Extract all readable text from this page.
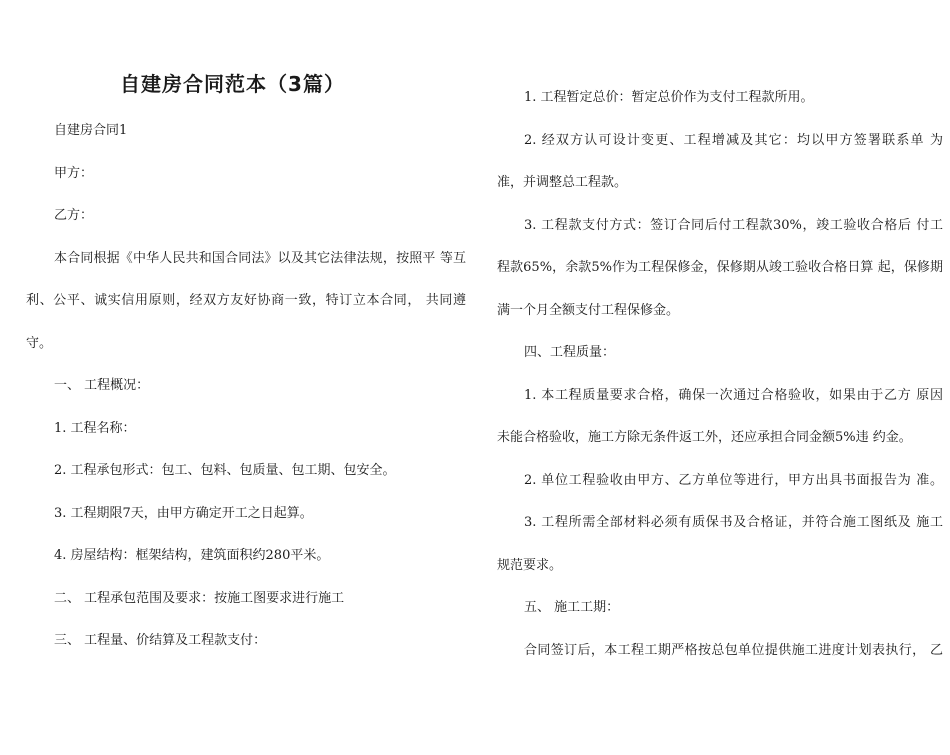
自建房合同范本（3篇）
自建房合同1
甲方：
乙方：
本合同根据《中华人民共和国合同法》以及其它法律法规，按照平 等互
利、公平、诚实信用原则，经双方友好协商一致，特订立本合同， 共同遵
守。
一、 工程概况：
1. 工程名称：
2. 工程承包形式：包工、包料、包质量、包工期、包安全。
3. 工程期限7天，由甲方确定开工之日起算。
4. 房屋结构：框架结构，建筑面积约280平米。
二、 工程承包范围及要求：按施工图要求进行施工
三、 工程量、价结算及工程款支付：
1. 工程暂定总价：暂定总价作为支付工程款所用。
2. 经双方认可设计变更、工程增减及其它：均以甲方签署联系单 为
准，并调整总工程款。
3. 工程款支付方式：签订合同后付工程款30%，竣工验收合格后 付工
程款65%，余款5%作为工程保修金，保修期从竣工验收合格日算 起，保修期
满一个月全额支付工程保修金。
四、工程质量：
1. 本工程质量要求合格，确保一次通过合格验收，如果由于乙方 原因
未能合格验收，施工方除无条件返工外，还应承担合同金额5%违 约金。
2. 单位工程验收由甲方、乙方单位等进行，甲方出具书面报告为 准。
3. 工程所需全部材料必须有质保书及合格证，并符合施工图纸及 施工
规范要求。
五、 施工工期：
合同签订后，本工程工期严格按总包单位提供施工进度计划表执行， 乙
